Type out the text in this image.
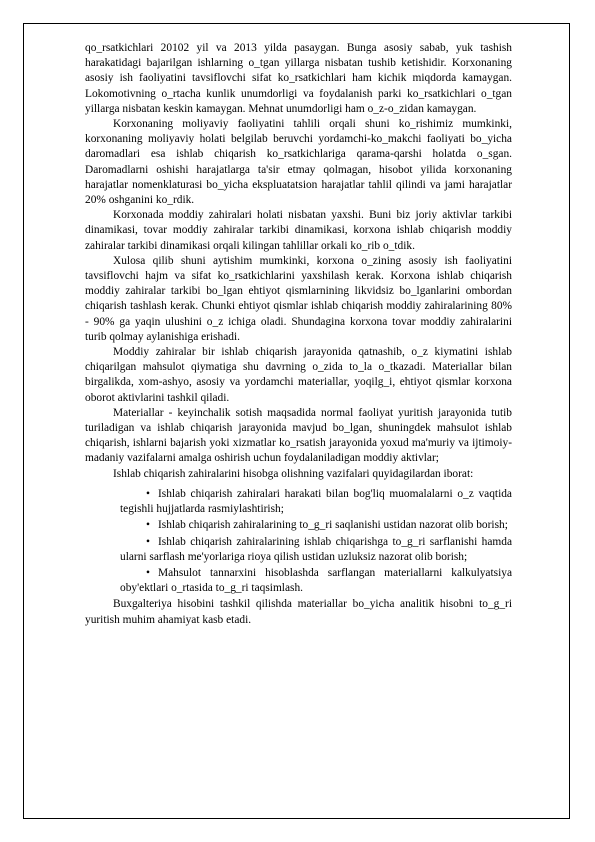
qo_rsatkichlari 20102 yil va 2013 yilda pasaygan. Bunga asosiy sabab, yuk tashish harakatidagi bajarilgan ishlarning o_tgan yillarga nisbatan tushib ketishidir. Korxonaning asosiy ish faoliyatini tavsiflovchi sifat ko_rsatkichlari ham kichik miqdorda kamaygan. Lokomotivning o_rtacha kunlik unumdorligi va foydalanish parki ko_rsatkichlari o_tgan yillarga nisbatan keskin kamaygan. Mehnat unumdorligi ham o_z-o_zidan kamaygan.

Korxonaning moliyaviy faoliyatini tahlili orqali shuni ko_rishimiz mumkinki, korxonaning moliyaviy holati belgilab beruvchi yordamchi-ko_makchi faoliyati bo_yicha daromadlari esa ishlab chiqarish ko_rsatkichlariga qarama-qarshi holatda o_sgan. Daromadlarni oshishi harajatlarga ta'sir etmay qolmagan, hisobot yilida korxonaning harajatlar nomenklaturasi bo_yicha ekspluatatsion harajatlar tahlil qilindi va jami harajatlar 20% oshganini ko_rdik.

Korxonada moddiy zahiralari holati nisbatan yaxshi. Buni biz joriy aktivlar tarkibi dinamikasi, tovar moddiy zahiralar tarkibi dinamikasi, korxona ishlab chiqarish moddiy zahiralar tarkibi dinamikasi orqali kilingan tahlillar orkali ko_rib o_tdik.

Xulosa qilib shuni aytishim mumkinki, korxona o_zining asosiy ish faoliyatini tavsiflovchi hajm va sifat ko_rsatkichlarini yaxshilash kerak. Korxona ishlab chiqarish moddiy zahiralar tarkibi bo_lgan ehtiyot qismlarnining likvidsiz bo_lganlarini ombordan chiqarish tashlash kerak. Chunki ehtiyot qismlar ishlab chiqarish moddiy zahiralarining 80% - 90% ga yaqin ulushini o_z ichiga oladi. Shundagina korxona tovar moddiy zahiralarini turib qolmay aylanishiga erishadi.

Moddiy zahiralar bir ishlab chiqarish jarayonida qatnashib, o_z kiymatini ishlab chiqarilgan mahsulot qiymatiga shu davrning o_zida to_la o_tkazadi. Materiallar bilan birgalikda, xom-ashyo, asosiy va yordamchi materiallar, yoqilg_i, ehtiyot qismlar korxona oborot aktivlarini tashkil qiladi.

Materiallar - keyinchalik sotish maqsadida normal faoliyat yuritish jarayonida tutib turiladigan va ishlab chiqarish jarayonida mavjud bo_lgan, shuningdek mahsulot ishlab chiqarish, ishlarni bajarish yoki xizmatlar ko_rsatish jarayonida yoxud ma'muriy va ijtimoiy-madaniy vazifalarni amalga oshirish uchun foydalaniladigan moddiy aktivlar;

Ishlab chiqarish zahiralarini hisobga olishning vazifalari quyidagilardan iborat:

• Ishlab chiqarish zahiralari harakati bilan bog'liq muomalalarni o_z vaqtida tegishli hujjatlarda rasmiylashtirish;
• Ishlab chiqarish zahiralarining to_g_ri saqlanishi ustidan nazorat olib borish;
• Ishlab chiqarish zahiralarining ishlab chiqarishga to_g_ri sarflanishi hamda ularni sarflash me'yorlariga rioya qilish ustidan uzluksiz nazorat olib borish;
• Mahsulot tannarxini hisoblashda sarflangan materiallarni kalkulyatsiya oby'ektlari o_rtasida to_g_ri taqsimlash.

Buxgalteriya hisobini tashkil qilishda materiallar bo_yicha analitik hisobni to_g_ri yuritish muhim ahamiyat kasb etadi.
